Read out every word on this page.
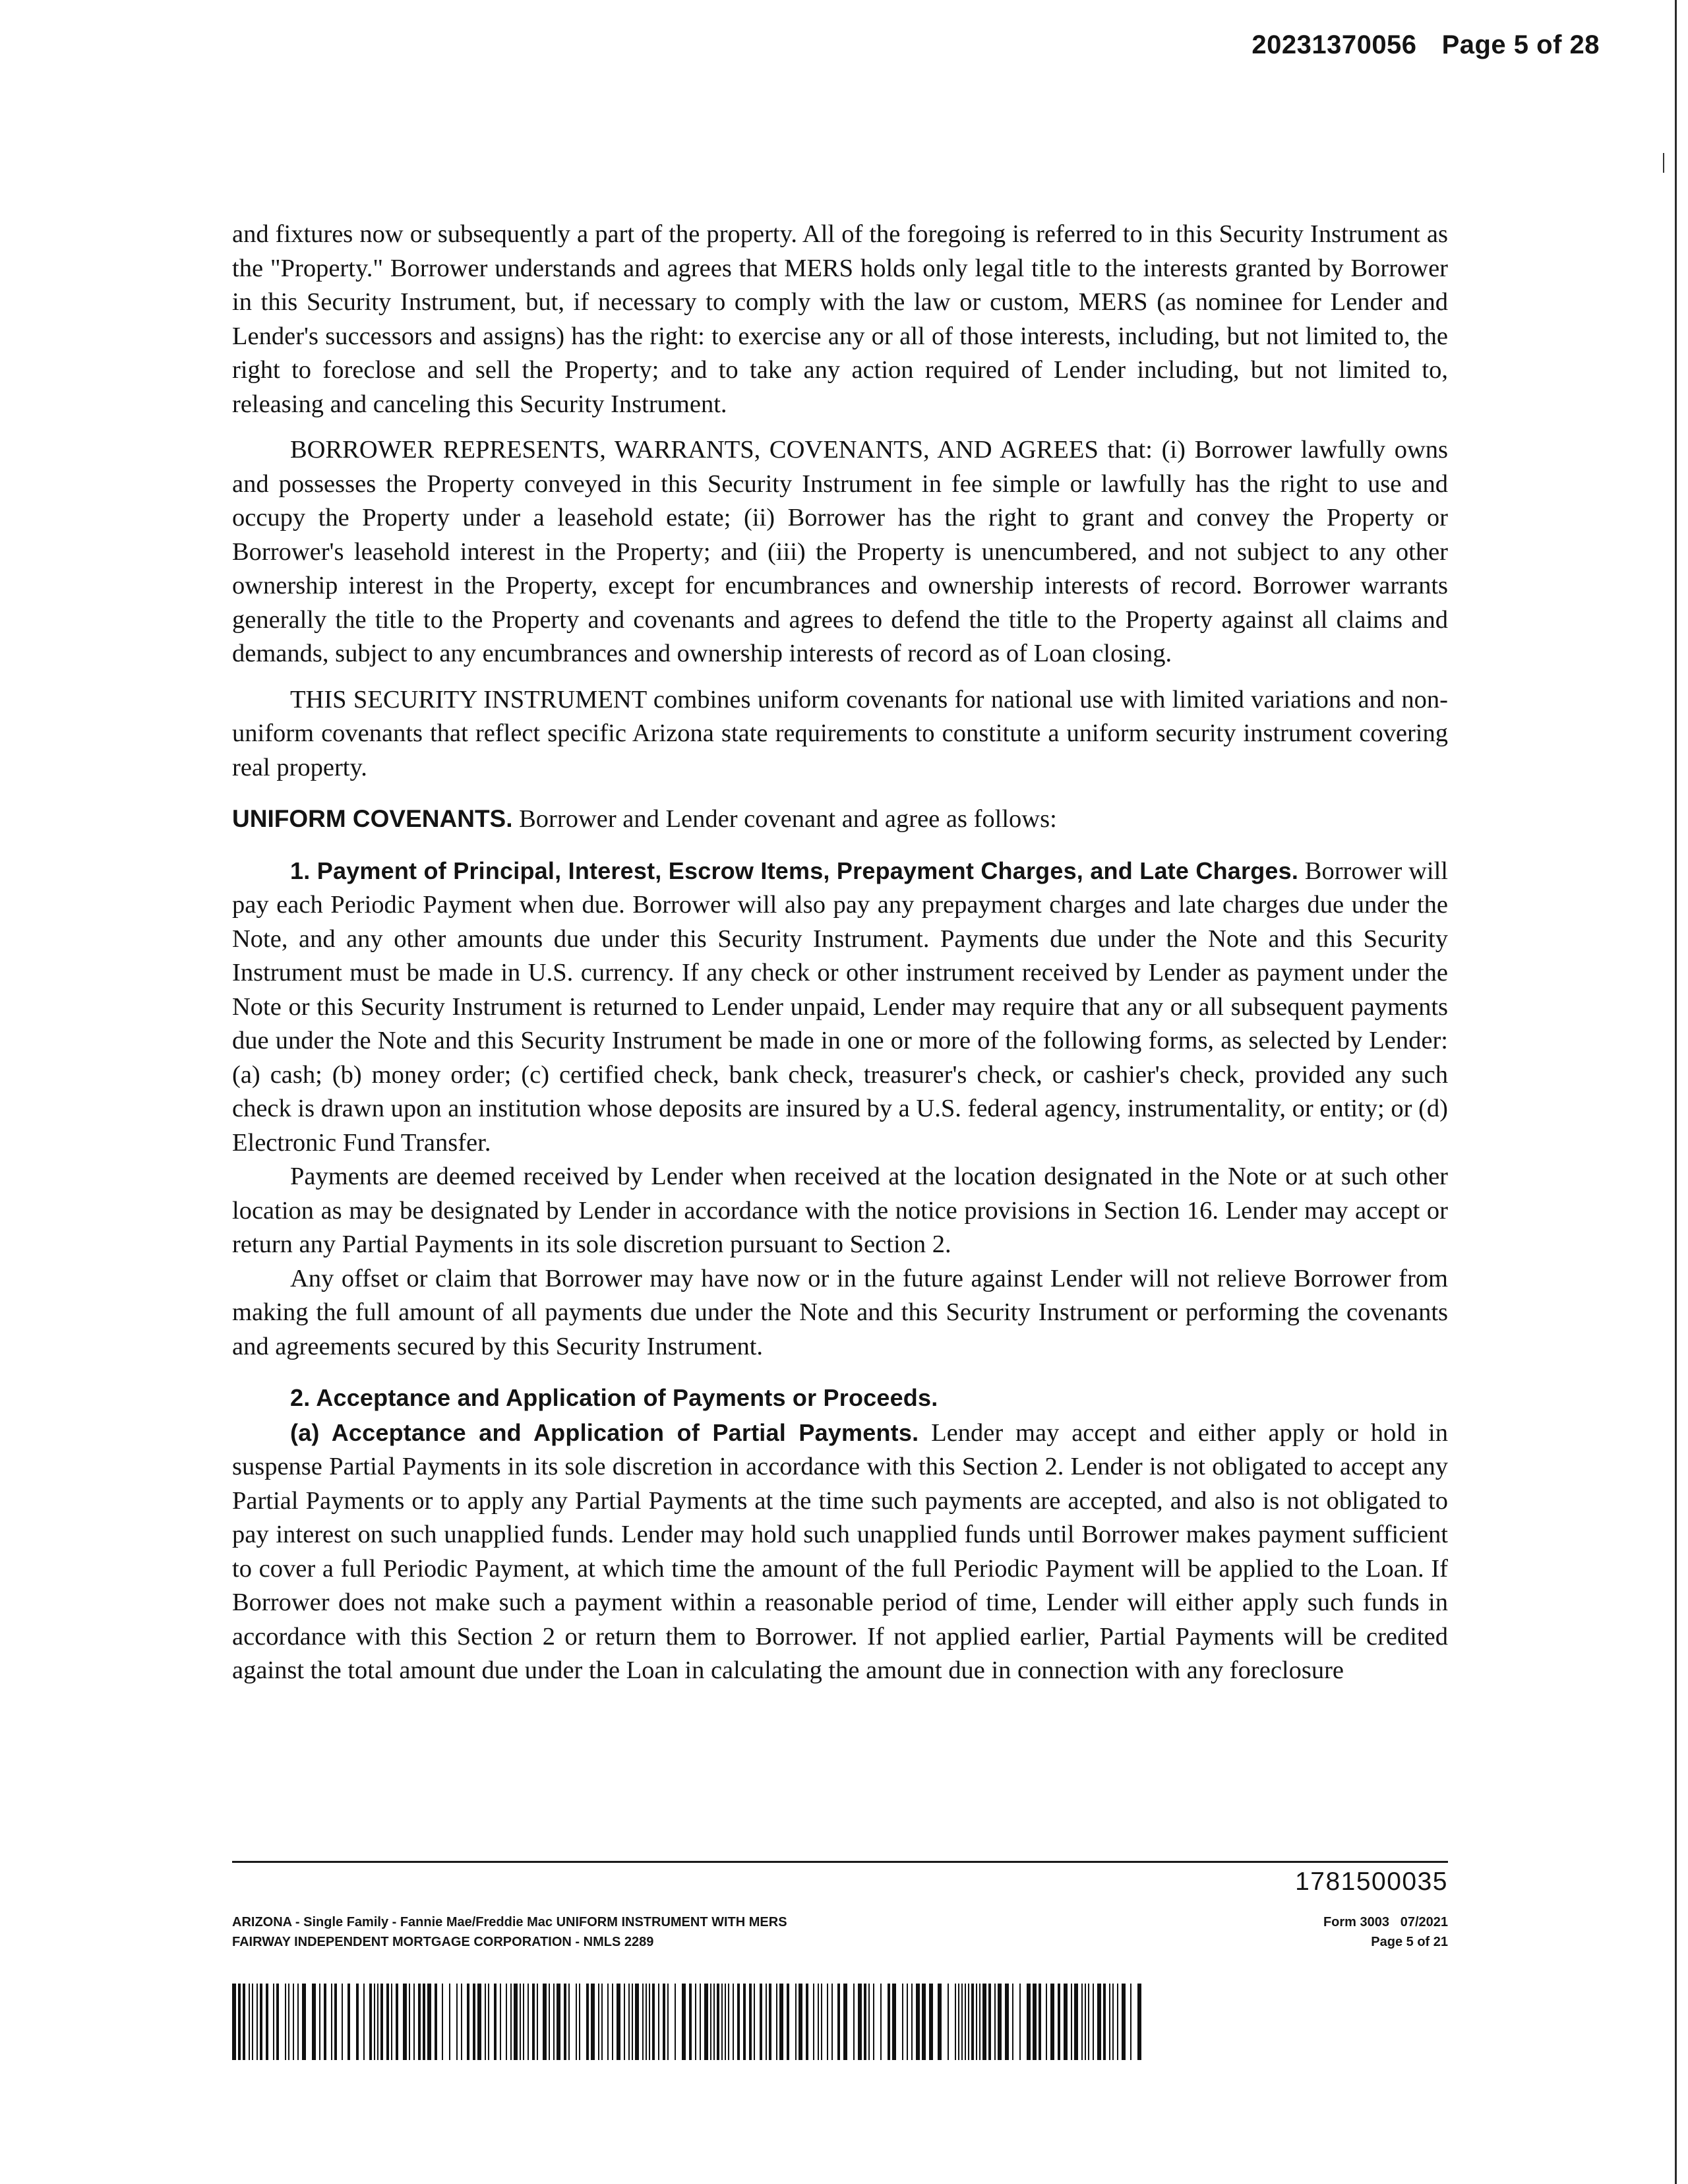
20231370056 Page 5 of 28

and fixtures now or subsequently a part of the property. All of the foregoing is referred to in this Security Instrument as the "Property." Borrower understands and agrees that MERS holds only legal title to the interests granted by Borrower in this Security Instrument, but, if necessary to comply with the law or custom, MERS (as nominee for Lender and Lender's successors and assigns) has the right: to exercise any or all of those interests, including, but not limited to, the right to foreclose and sell the Property; and to take any action required of Lender including, but not limited to, releasing and canceling this Security Instrument.

BORROWER REPRESENTS, WARRANTS, COVENANTS, AND AGREES that: (i) Borrower lawfully owns and possesses the Property conveyed in this Security Instrument in fee simple or lawfully has the right to use and occupy the Property under a leasehold estate; (ii) Borrower has the right to grant and convey the Property or Borrower's leasehold interest in the Property; and (iii) the Property is unencumbered, and not subject to any other ownership interest in the Property, except for encumbrances and ownership interests of record. Borrower warrants generally the title to the Property and covenants and agrees to defend the title to the Property against all claims and demands, subject to any encumbrances and ownership interests of record as of Loan closing.

THIS SECURITY INSTRUMENT combines uniform covenants for national use with limited variations and non-uniform covenants that reflect specific Arizona state requirements to constitute a uniform security instrument covering real property.

UNIFORM COVENANTS. Borrower and Lender covenant and agree as follows:

1. Payment of Principal, Interest, Escrow Items, Prepayment Charges, and Late Charges. Borrower will pay each Periodic Payment when due. Borrower will also pay any prepayment charges and late charges due under the Note, and any other amounts due under this Security Instrument. Payments due under the Note and this Security Instrument must be made in U.S. currency. If any check or other instrument received by Lender as payment under the Note or this Security Instrument is returned to Lender unpaid, Lender may require that any or all subsequent payments due under the Note and this Security Instrument be made in one or more of the following forms, as selected by Lender: (a) cash; (b) money order; (c) certified check, bank check, treasurer's check, or cashier's check, provided any such check is drawn upon an institution whose deposits are insured by a U.S. federal agency, instrumentality, or entity; or (d) Electronic Fund Transfer.

Payments are deemed received by Lender when received at the location designated in the Note or at such other location as may be designated by Lender in accordance with the notice provisions in Section 16. Lender may accept or return any Partial Payments in its sole discretion pursuant to Section 2.

Any offset or claim that Borrower may have now or in the future against Lender will not relieve Borrower from making the full amount of all payments due under the Note and this Security Instrument or performing the covenants and agreements secured by this Security Instrument.

2. Acceptance and Application of Payments or Proceeds.

(a) Acceptance and Application of Partial Payments. Lender may accept and either apply or hold in suspense Partial Payments in its sole discretion in accordance with this Section 2. Lender is not obligated to accept any Partial Payments or to apply any Partial Payments at the time such payments are accepted, and also is not obligated to pay interest on such unapplied funds. Lender may hold such unapplied funds until Borrower makes payment sufficient to cover a full Periodic Payment, at which time the amount of the full Periodic Payment will be applied to the Loan. If Borrower does not make such a payment within a reasonable period of time, Lender will either apply such funds in accordance with this Section 2 or return them to Borrower. If not applied earlier, Partial Payments will be credited against the total amount due under the Loan in calculating the amount due in connection with any foreclosure

1781500035
ARIZONA - Single Family - Fannie Mae/Freddie Mac UNIFORM INSTRUMENT WITH MERS
FAIRWAY INDEPENDENT MORTGAGE CORPORATION - NMLS 2289
Form 3003 07/2021
Page 5 of 21
